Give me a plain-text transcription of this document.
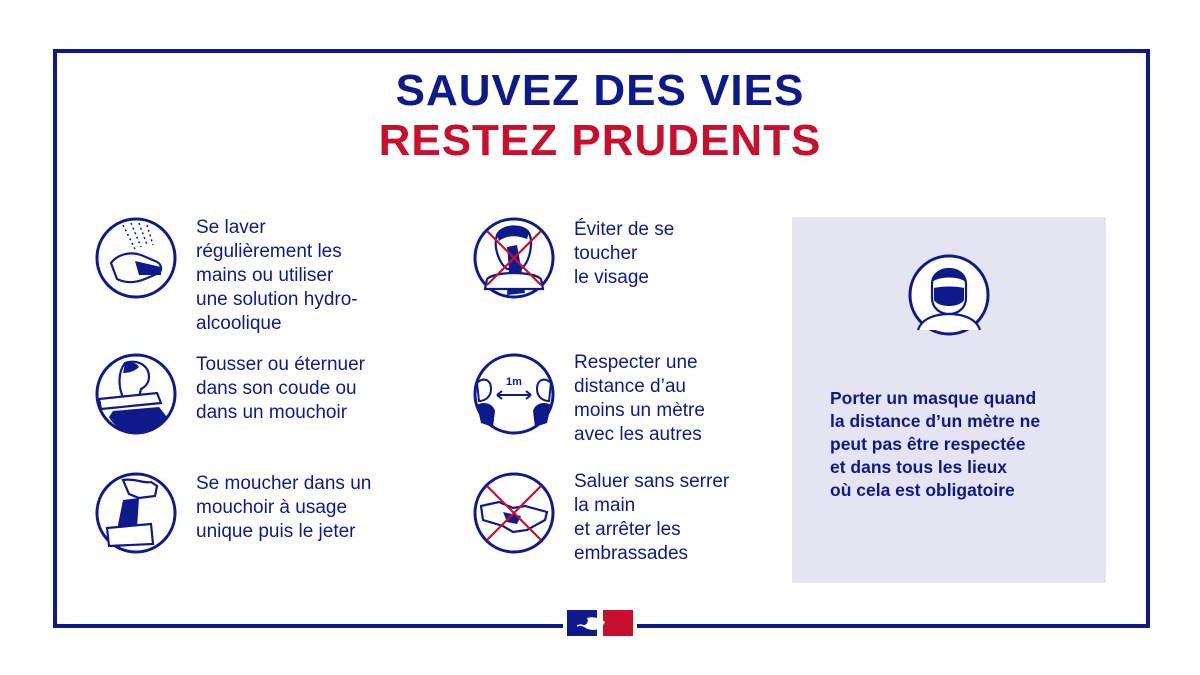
SAUVEZ DES VIES
RESTEZ PRUDENTS
Se laver
régulièrement les
mains ou utiliser
une solution hydro-
alcoolique
Tousser ou éternuer
dans son coude ou
dans un mouchoir
Se moucher dans un
mouchoir à usage
unique puis le jeter
Éviter de se
toucher
le visage
1m
Respecter une
distance d’au
moins un mètre
avec les autres
Saluer sans serrer
la main
et arrêter les
embrassades
Porter un masque quand
la distance d’un mètre ne
peut pas être respectée
et dans tous les lieux
où cela est obligatoire
